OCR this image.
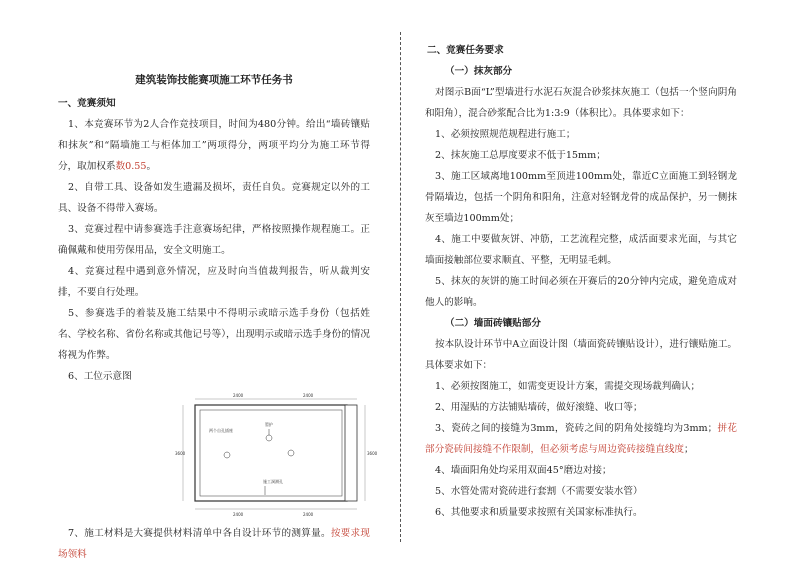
建筑装饰技能赛项施工环节任务书

一、竞赛须知

1、本竞赛环节为2人合作竞技项目，时间为480分钟。给出“墙砖镶贴和抹灰”和“隔墙施工与柜体加工”两项得分，两项平均分为施工环节得分，取加权系数0.55。

2、自带工具、设备如发生遗漏及损坏，责任自负。竞赛规定以外的工具、设备不得带入赛场。

3、竞赛过程中请参赛选手注意赛场纪律，严格按照操作规程施工。正确佩戴和使用劳保用品，安全文明施工。

4、竞赛过程中遇到意外情况，应及时向当值裁判报告，听从裁判安排，不要自行处理。

5、参赛选手的着装及施工结果中不得明示或暗示选手身份（包括姓名、学校名称、省份名称或其他记号等），出现明示或暗示选手身份的情况将视为作弊。

6、工位示意图

2400	2400
2400	2400
3600	3600
两个自孔插座
暂护
施工洞测孔

7、施工材料是大赛提供材料清单中各自设计环节的测算量。按要求现场领料

二、竞赛任务要求

（一）抹灰部分

对图示B面“L”型墙进行水泥石灰混合砂浆抹灰施工（包括一个竖向阴角和阳角），混合砂浆配合比为1:3:9（体积比）。具体要求如下：

1、必须按照规范规程进行施工；

2、抹灰施工总厚度要求不低于15mm；

3、施工区域离地100mm至顶进100mm处，靠近C立面施工到轻钢龙骨隔墙边，包括一个阴角和阳角，注意对轻钢龙骨的成品保护，另一侧抹灰至墙边100mm处；

4、施工中要做灰饼、冲筋，工艺流程完整，成活面要求光面，与其它墙面接触部位要求顺直、平整，无明显毛刺。

5、抹灰的灰饼的施工时间必须在开赛后的20分钟内完成，避免造成对他人的影响。

（二）墙面砖镶贴部分

按本队设计环节中A立面设计图（墙面瓷砖镶贴设计），进行镶贴施工。具体要求如下：

1、必须按图施工，如需变更设计方案，需提交现场裁判确认；

2、用湿贴的方法铺贴墙砖，做好滚缝、收口等；

3、瓷砖之间的接缝为3mm，瓷砖之间的阴角处接缝均为3mm；拼花部分瓷砖间接缝不作限制，但必须考虑与周边瓷砖接缝直线度；

4、墙面阳角处均采用双面45°磨边对接；

5、水管处需对瓷砖进行套割（不需要安装水管）

6、其他要求和质量要求按照有关国家标准执行。
